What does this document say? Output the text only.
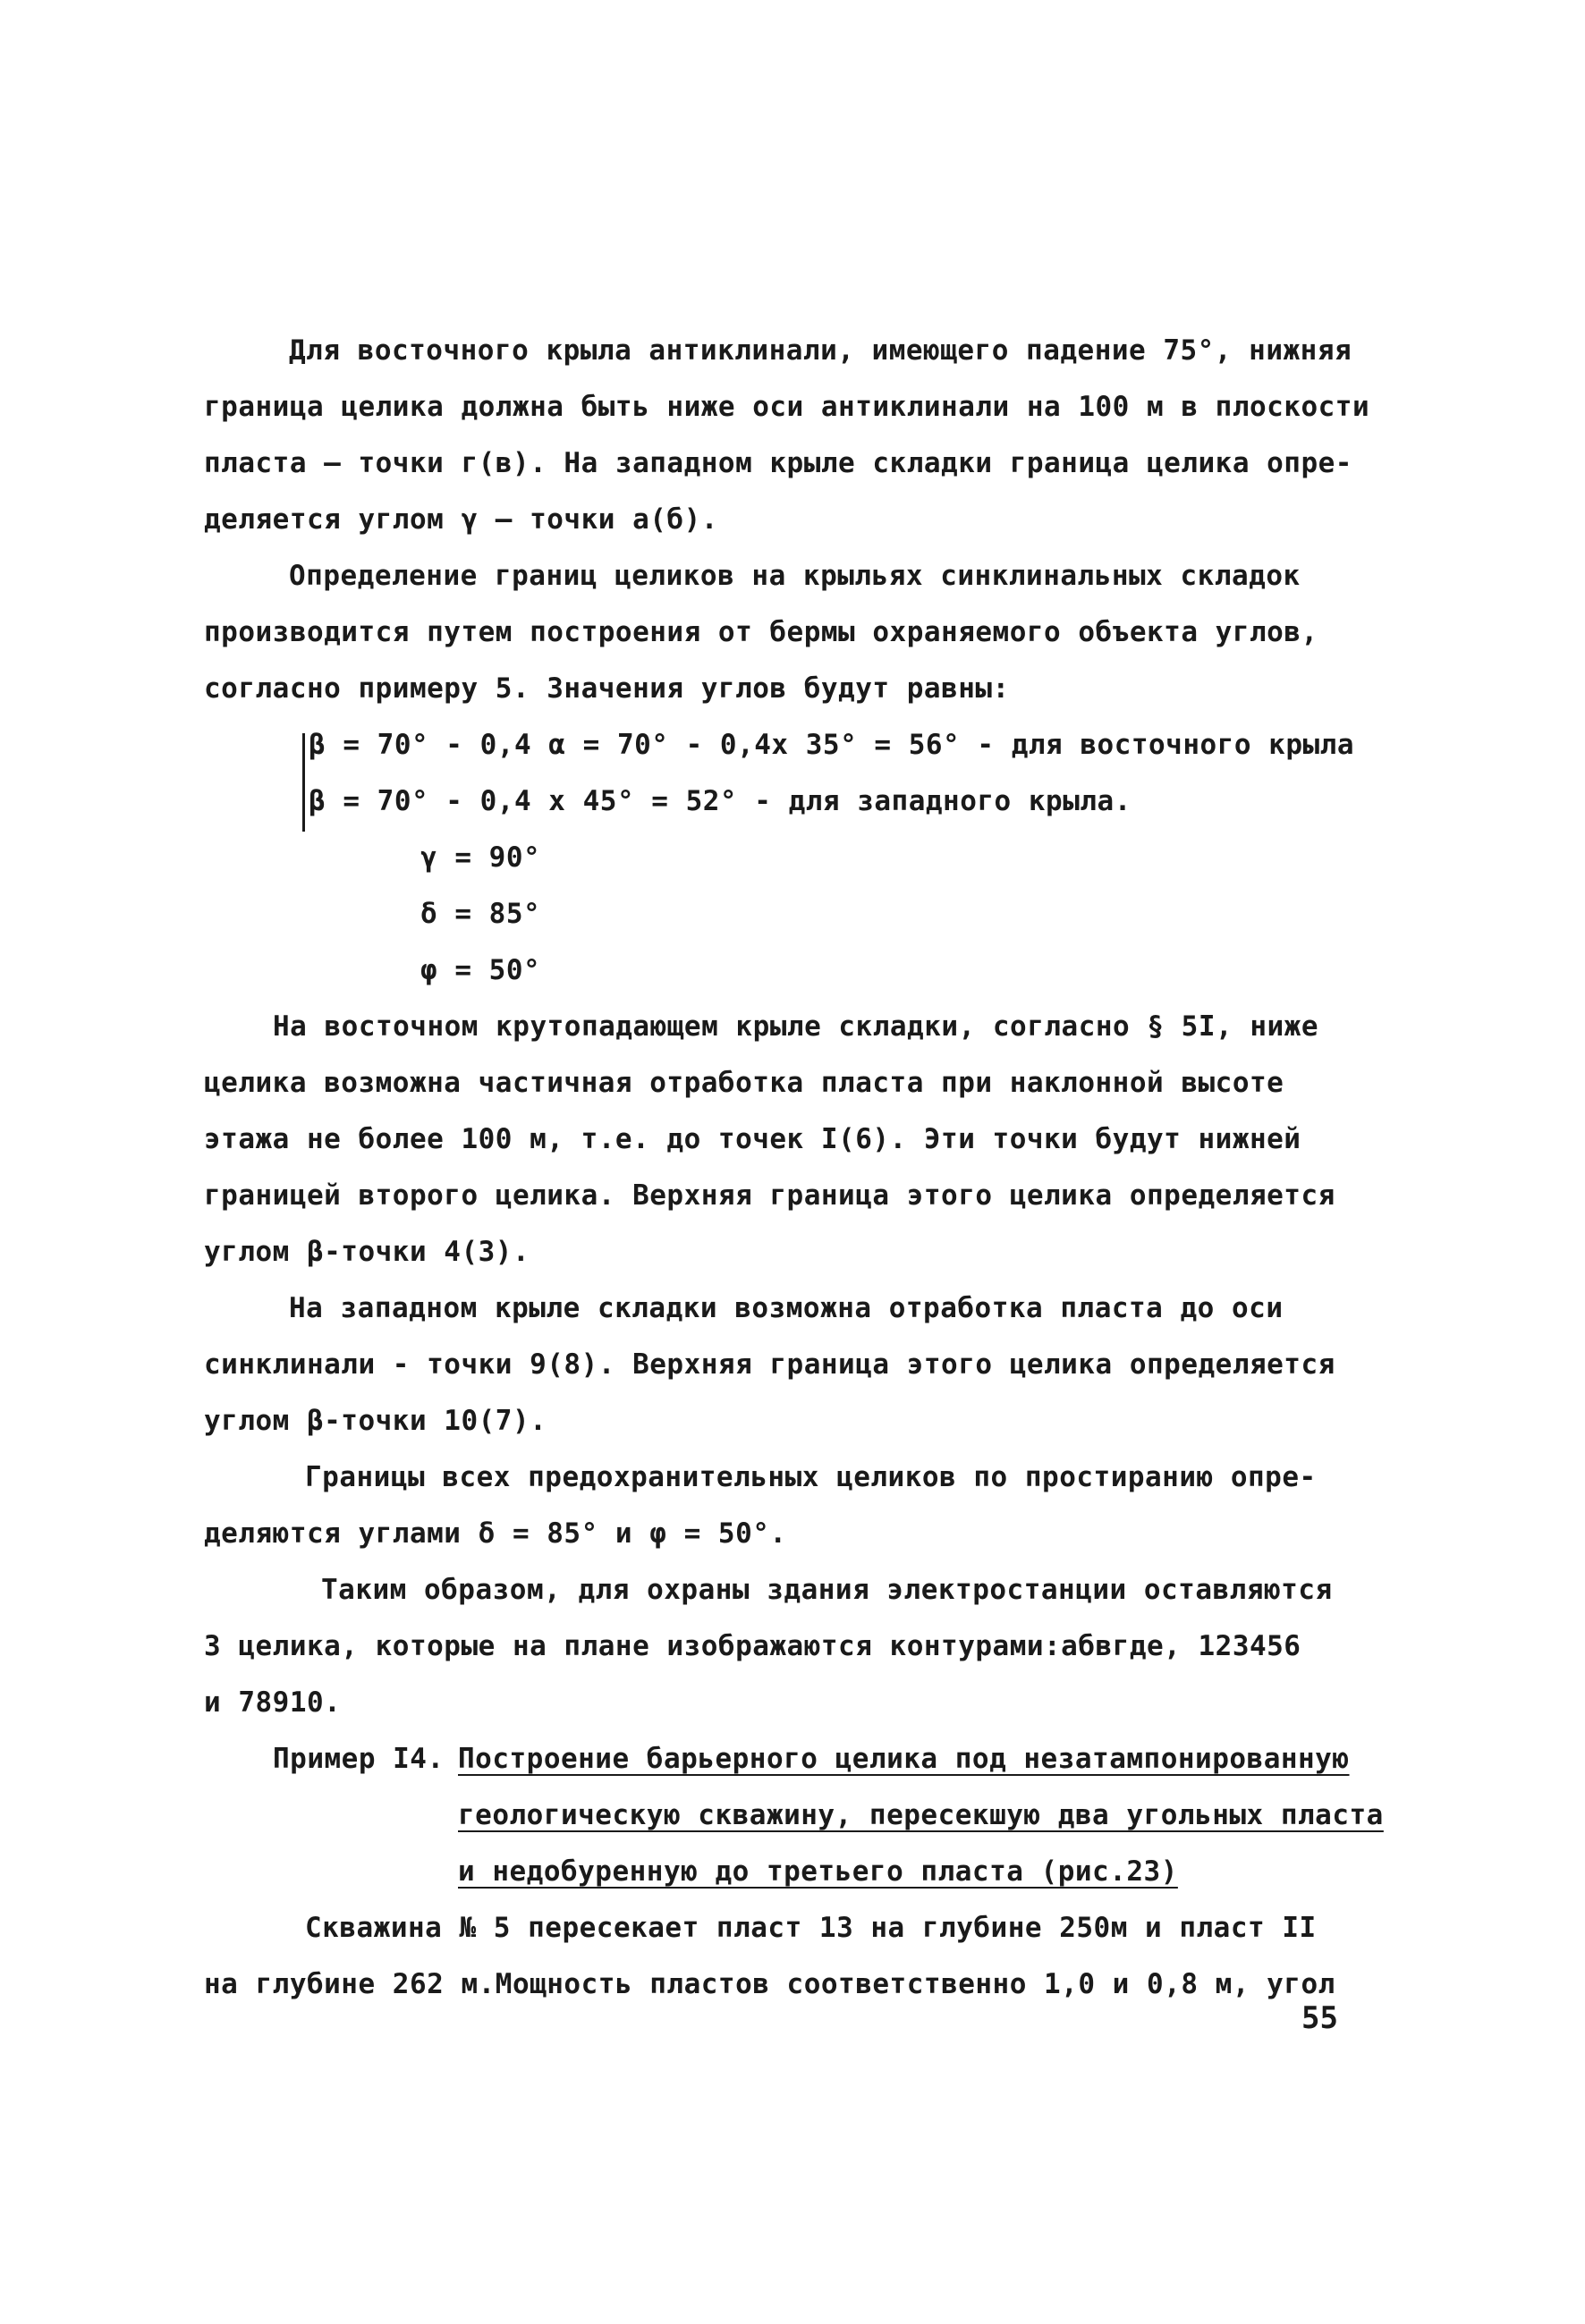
Для восточного крыла антиклинали, имеющего падение 75°, нижняя
граница целика должна быть ниже оси антиклинали на 100 м в плоскости
пласта – точки г(в). На западном крыле складки граница целика опре-
деляется углом γ – точки а(б).
Определение границ целиков на крыльях синклинальных складок
производится путем построения от бермы охраняемого объекта углов,
согласно примеру 5. Значения углов будут равны:
β = 70° - 0,4 α = 70° - 0,4х 35° = 56° - для восточного крыла
β = 70° - 0,4 х 45° = 52° - для западного крыла.
γ = 90°
δ = 85°
φ = 50°
На восточном крутопадающем крыле складки, согласно § 5I, ниже
целика возможна частичная отработка пласта при наклонной высоте
этажа не более 100 м, т.е. до точек I(6). Эти точки будут нижней
границей второго целика. Верхняя граница этого целика определяется
углом β-точки 4(3).
На западном крыле складки возможна отработка пласта до оси
синклинали - точки 9(8). Верхняя граница этого целика определяется
углом β-точки 10(7).
Границы всех предохранительных целиков по простиранию опре-
деляются углами δ = 85° и φ = 50°.
Таким образом, для охраны здания электростанции оставляются
3 целика, которые на плане изображаются контурами:абвгде, 123456
и 78910.
Пример I4. Построение барьерного целика под незатампонированную
геологическую скважину, пересекшую два угольных пласта
и недобуренную до третьего пласта (рис.23)
Скважина № 5 пересекает пласт 13 на глубине 250м и пласт II
на глубине 262 м.Мощность пластов соответственно 1,0 и 0,8 м, угол
55
